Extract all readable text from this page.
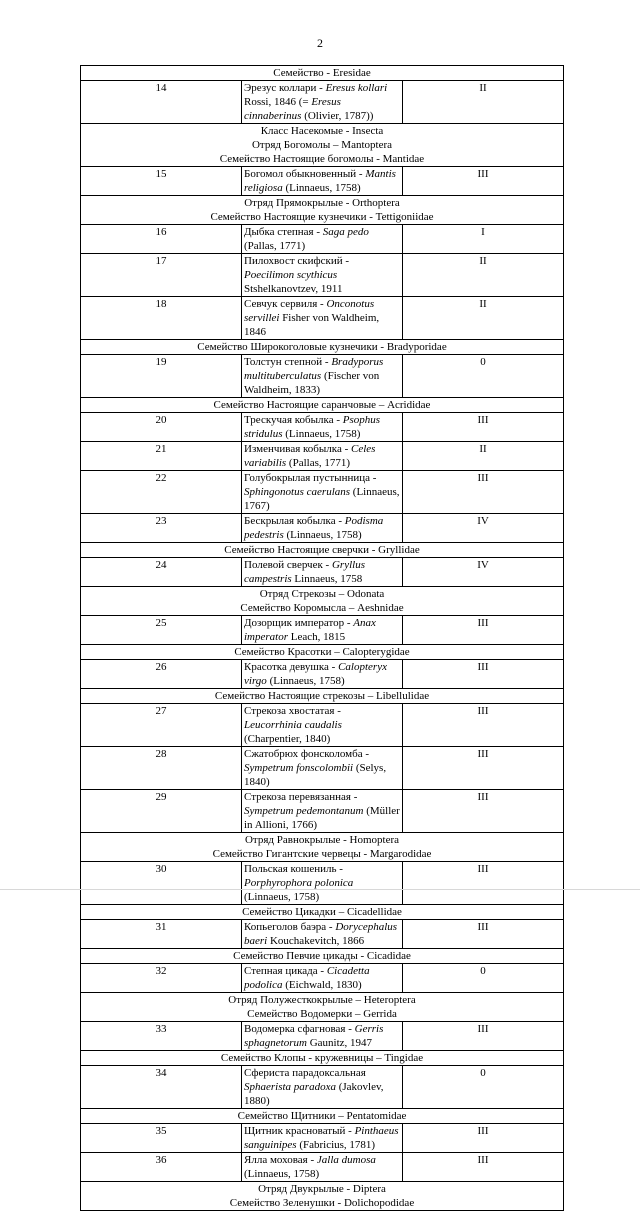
2
Семейство - Eresidae		

14	Эрезус коллари - Eresus kollari Rossi, 1846 (= Eresus cinnaberinus (Olivier, 1787))	II

Класс Насекомые - Insecta
Отряд Богомолы – Mantoptera
Семейство Настоящие богомолы - Mantidae		

15	Богомол обыкновенный - Mantis religiosa (Linnaeus, 1758)	III

Отряд Прямокрылые - Orthoptera
Семейство Настоящие кузнечики - Tettigoniidae		

16	Дыбка степная - Saga pedo (Pallas, 1771)	I
17	Пилохвост скифский - Poecilimon scythicus Stshelkanovtzev, 1911	II
18	Севчук сервиля - Onconotus servillei Fisher von Waldheim, 1846	II

Семейство Широкоголовые кузнечики - Bradyporidae		

19	Толстун степной - Bradyporus multituberculatus (Fischer von Waldheim, 1833)	0

Семейство Настоящие саранчовые – Acrididae		

20	Трескучая кобылка - Psophus stridulus (Linnaeus, 1758)	III
21	Изменчивая кобылка - Celes variabilis (Pallas, 1771)	II
22	Голубокрылая пустынница - Sphingonotus caerulans (Linnaeus, 1767)	III
23	Бескрылая кобылка - Podisma pedestris (Linnaeus, 1758)	IV

Семейство Настоящие сверчки - Gryllidae		

24	Полевой сверчек - Gryllus campestris Linnaeus, 1758	IV

Отряд Стрекозы – Odonata
Семейство Коромысла – Aeshnidae		

25	Дозорщик император - Anax imperator Leach, 1815	III

Семейство Красотки – Calopterygidae		

26	Красотка девушка - Calopteryx virgo (Linnaeus, 1758)	III

Семейство Настоящие стрекозы – Libellulidae		

27	Стрекоза хвостатая - Leucorrhinia caudalis (Charpentier, 1840)	III
28	Сжатобрюх фонсколомба - Sympetrum fonscolombii (Selys, 1840)	III
29	Стрекоза перевязанная - Sympetrum pedemontanum (Müller in Allioni, 1766)	III

Отряд Равнокрылые - Homoptera
Семейство Гигантские червецы - Margarodidae		

30	Польская кошениль - Porphyrophora polonica (Linnaeus, 1758)	III

Семейство Цикадки – Cicadellidae		

31	Копьеголов баэра - Dorycephalus baeri Kouchakevitch, 1866	III

Семейство Певчие цикады - Cicadidae		

32	Степная цикада - Cicadetta podolica (Eichwald, 1830)	0

Отряд Полужесткокрылые – Heteroptera
Семейство Водомерки – Gerrida		

33	Водомерка сфагновая - Gerris sphagnetorum Gaunitz, 1947	III

Семейство Клопы - кружевницы – Tingidae		

34	Сфериста парадоксальная Sphaerista paradoxa (Jakovlev, 1880)	0

Семейство Щитники – Pentatomidae		

35	Щитник красноватый - Pinthaeus sanguinipes (Fabricius, 1781)	III
36	Ялла моховая - Jalla dumosa (Linnaeus, 1758)	III

Отряд Двукрылые - Diptera
Семейство Зеленушки - Dolichopodidae		
